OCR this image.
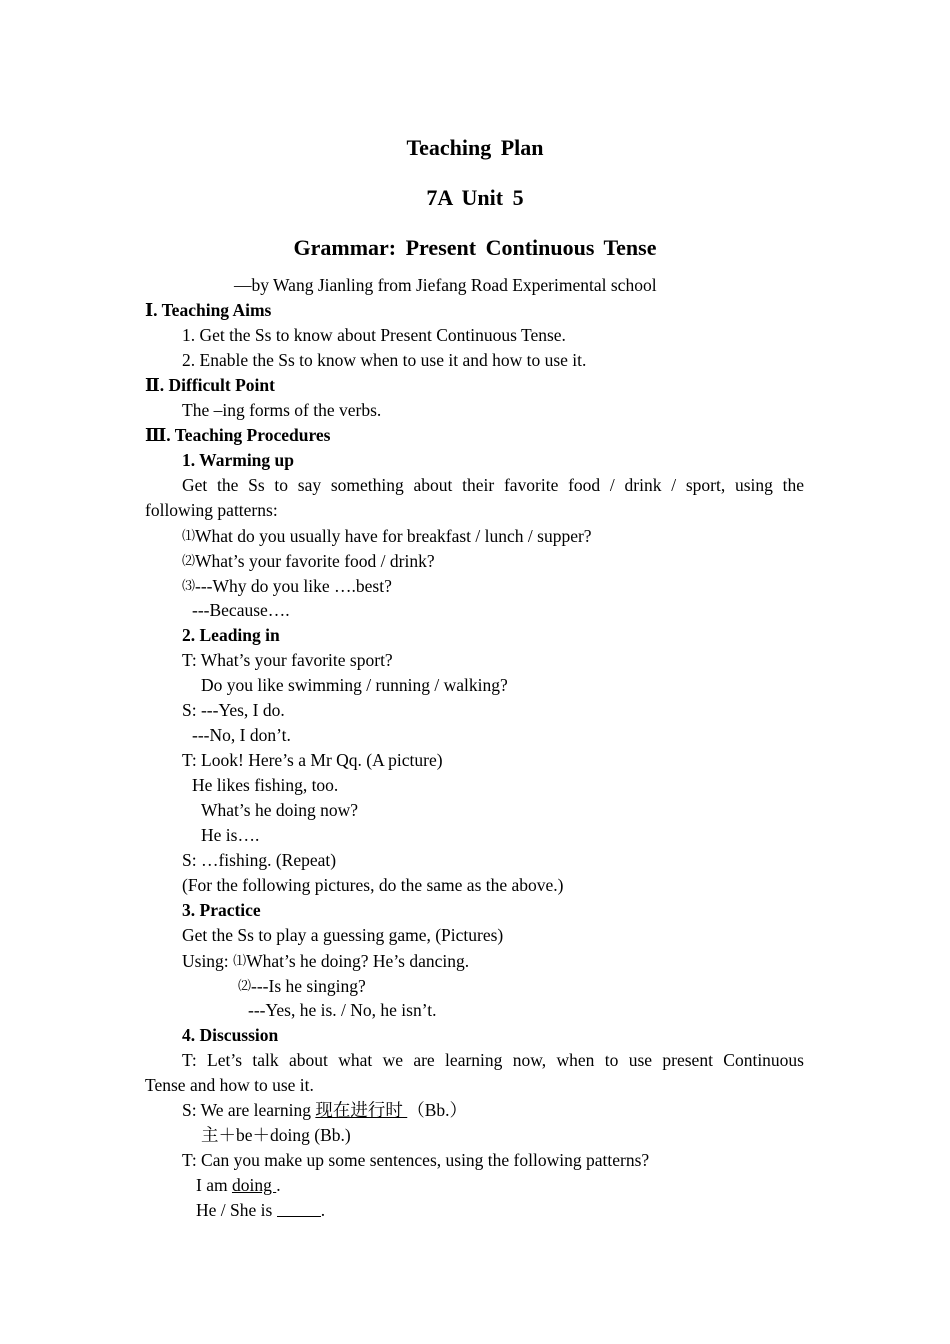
Teaching Plan
7A Unit 5
Grammar: Present Continuous Tense
—by Wang Jianling from Jiefang Road Experimental school
Ⅰ. Teaching Aims
1. Get the Ss to know about Present Continuous Tense.
2. Enable the Ss to know when to use it and how to use it.
Ⅱ. Difficult Point
The –ing forms of the verbs.
Ⅲ. Teaching Procedures
1. Warming up
Get the Ss to say something about their favorite food / drink / sport, using the
following patterns:
⑴What do you usually have for breakfast / lunch / supper?
⑵What’s your favorite food / drink?
⑶---Why do you like ….best?
---Because….
2. Leading in
T: What’s your favorite sport?
Do you like swimming / running / walking?
S: ---Yes, I do.
---No, I don’t.
T: Look! Here’s a Mr Qq. (A picture)
He likes fishing, too.
What’s he doing now?
He is….
S: …fishing. (Repeat)
(For the following pictures, do the same as the above.)
3. Practice
Get the Ss to play a guessing game, (Pictures)
Using: ⑴What’s he doing? He’s dancing.
⑵---Is he singing?
---Yes, he is. / No, he isn’t.
4. Discussion
T: Let’s talk about what we are learning now, when to use present Continuous
Tense and how to use it.
S: We are learning 现在进行时 （Bb.）
主＋be＋doing (Bb.)
T: Can you make up some sentences, using the following patterns?
I am doing .
He / She is	.
